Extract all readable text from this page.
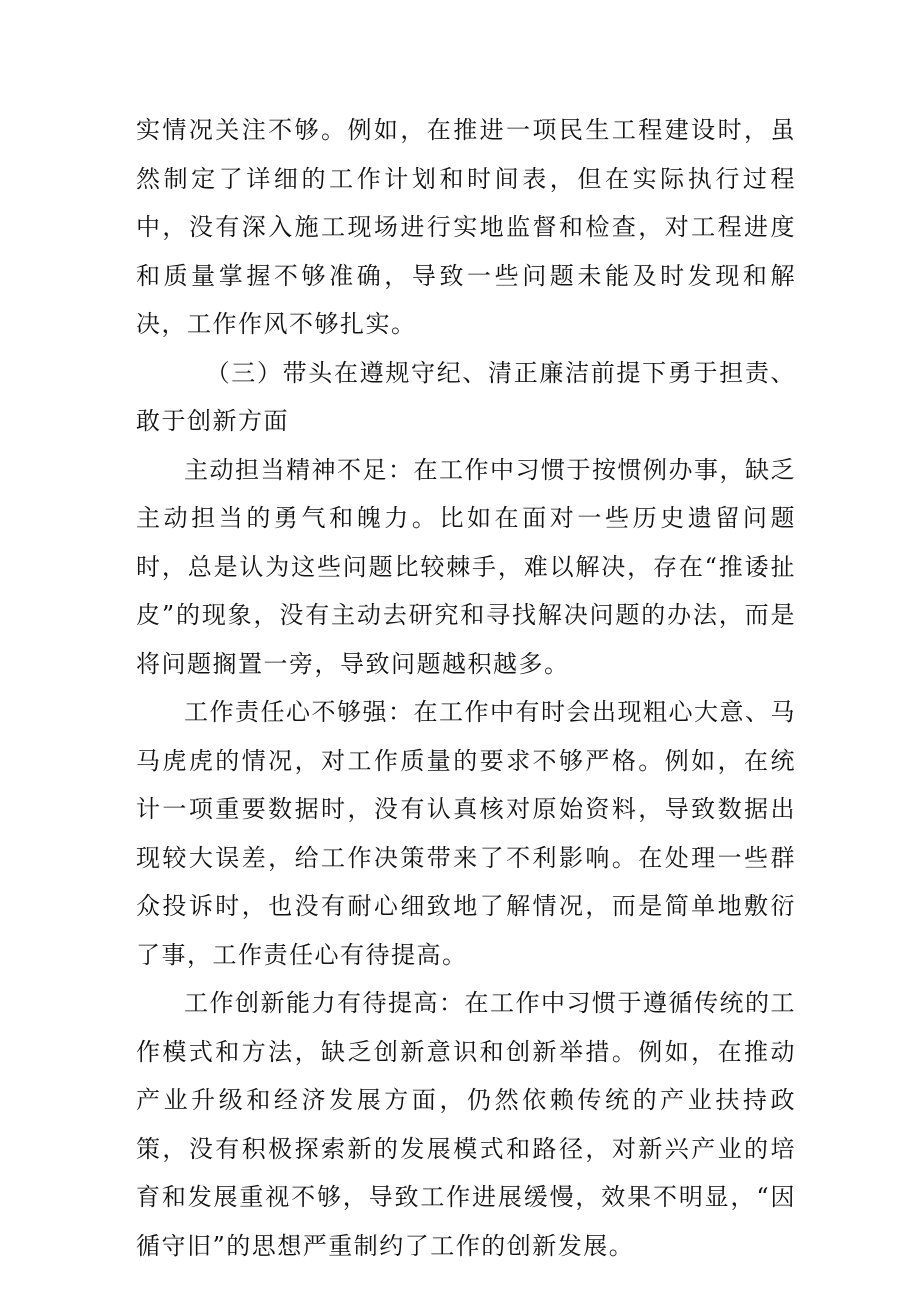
实情况关注不够。例如，在推进一项民生工程建设时，虽然制定了详细的工作计划和时间表，但在实际执行过程中，没有深入施工现场进行实地监督和检查，对工程进度和质量掌握不够准确，导致一些问题未能及时发现和解决，工作作风不够扎实。

（三）带头在遵规守纪、清正廉洁前提下勇于担责、敢于创新方面

主动担当精神不足：在工作中习惯于按惯例办事，缺乏主动担当的勇气和魄力。比如在面对一些历史遗留问题时，总是认为这些问题比较棘手，难以解决，存在“推诿扯皮”的现象，没有主动去研究和寻找解决问题的办法，而是将问题搁置一旁，导致问题越积越多。

工作责任心不够强：在工作中有时会出现粗心大意、马马虎虎的情况，对工作质量的要求不够严格。例如，在统计一项重要数据时，没有认真核对原始资料，导致数据出现较大误差，给工作决策带来了不利影响。在处理一些群众投诉时，也没有耐心细致地了解情况，而是简单地敷衍了事，工作责任心有待提高。

工作创新能力有待提高：在工作中习惯于遵循传统的工作模式和方法，缺乏创新意识和创新举措。例如，在推动产业升级和经济发展方面，仍然依赖传统的产业扶持政策，没有积极探索新的发展模式和路径，对新兴产业的培育和发展重视不够，导致工作进展缓慢，效果不明显，“因循守旧”的思想严重制约了工作的创新发展。
